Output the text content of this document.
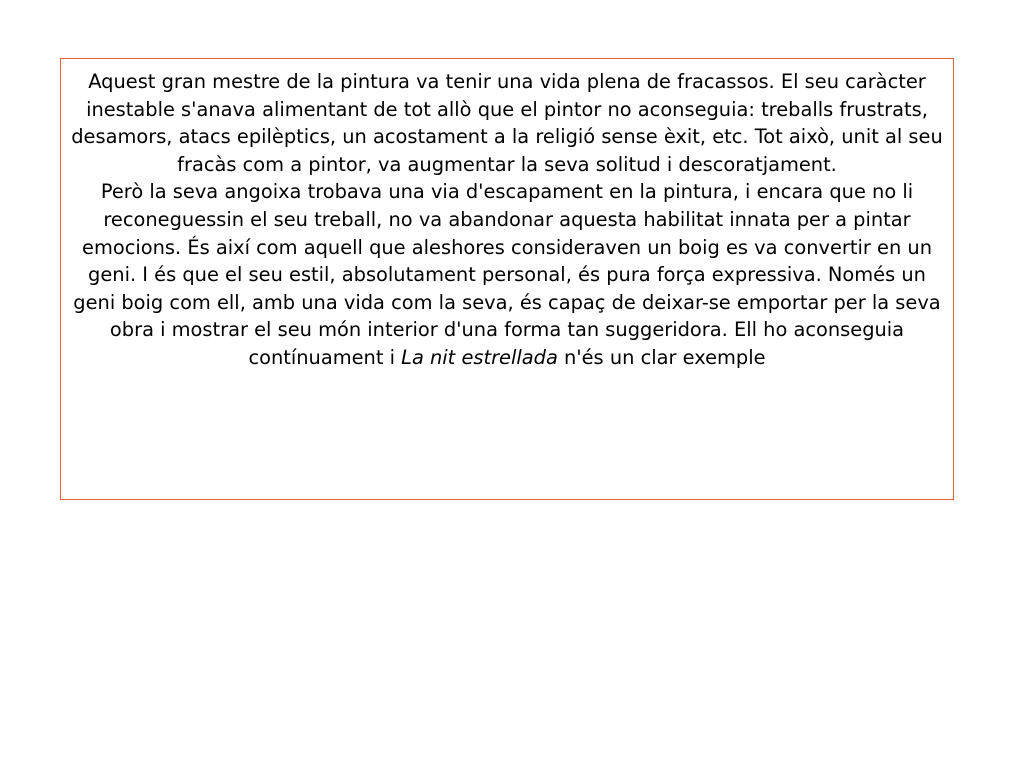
Aquest gran mestre de la pintura va tenir una vida plena de fracassos. El seu caràcter inestable s'anava alimentant de tot allò que el pintor no aconseguia: treballs frustrats, desamors, atacs epilèptics, un acostament a la religió sense èxit, etc. Tot això, unit al seu fracàs com a pintor, va augmentar la seva solitud i descoratjament.

Però la seva angoixa trobava una via d'escapament en la pintura, i encara que no li reconeguessin el seu treball, no va abandonar aquesta habilitat innata per a pintar emocions. És així com aquell que aleshores consideraven un boig es va convertir en un geni. I és que el seu estil, absolutament personal, és pura força expressiva. Només un geni boig com ell, amb una vida com la seva, és capaç de deixar-se emportar per la seva obra i mostrar el seu món interior d'una forma tan suggeridora. Ell ho aconseguia contínuament i La nit estrellada n'és un clar exemple
